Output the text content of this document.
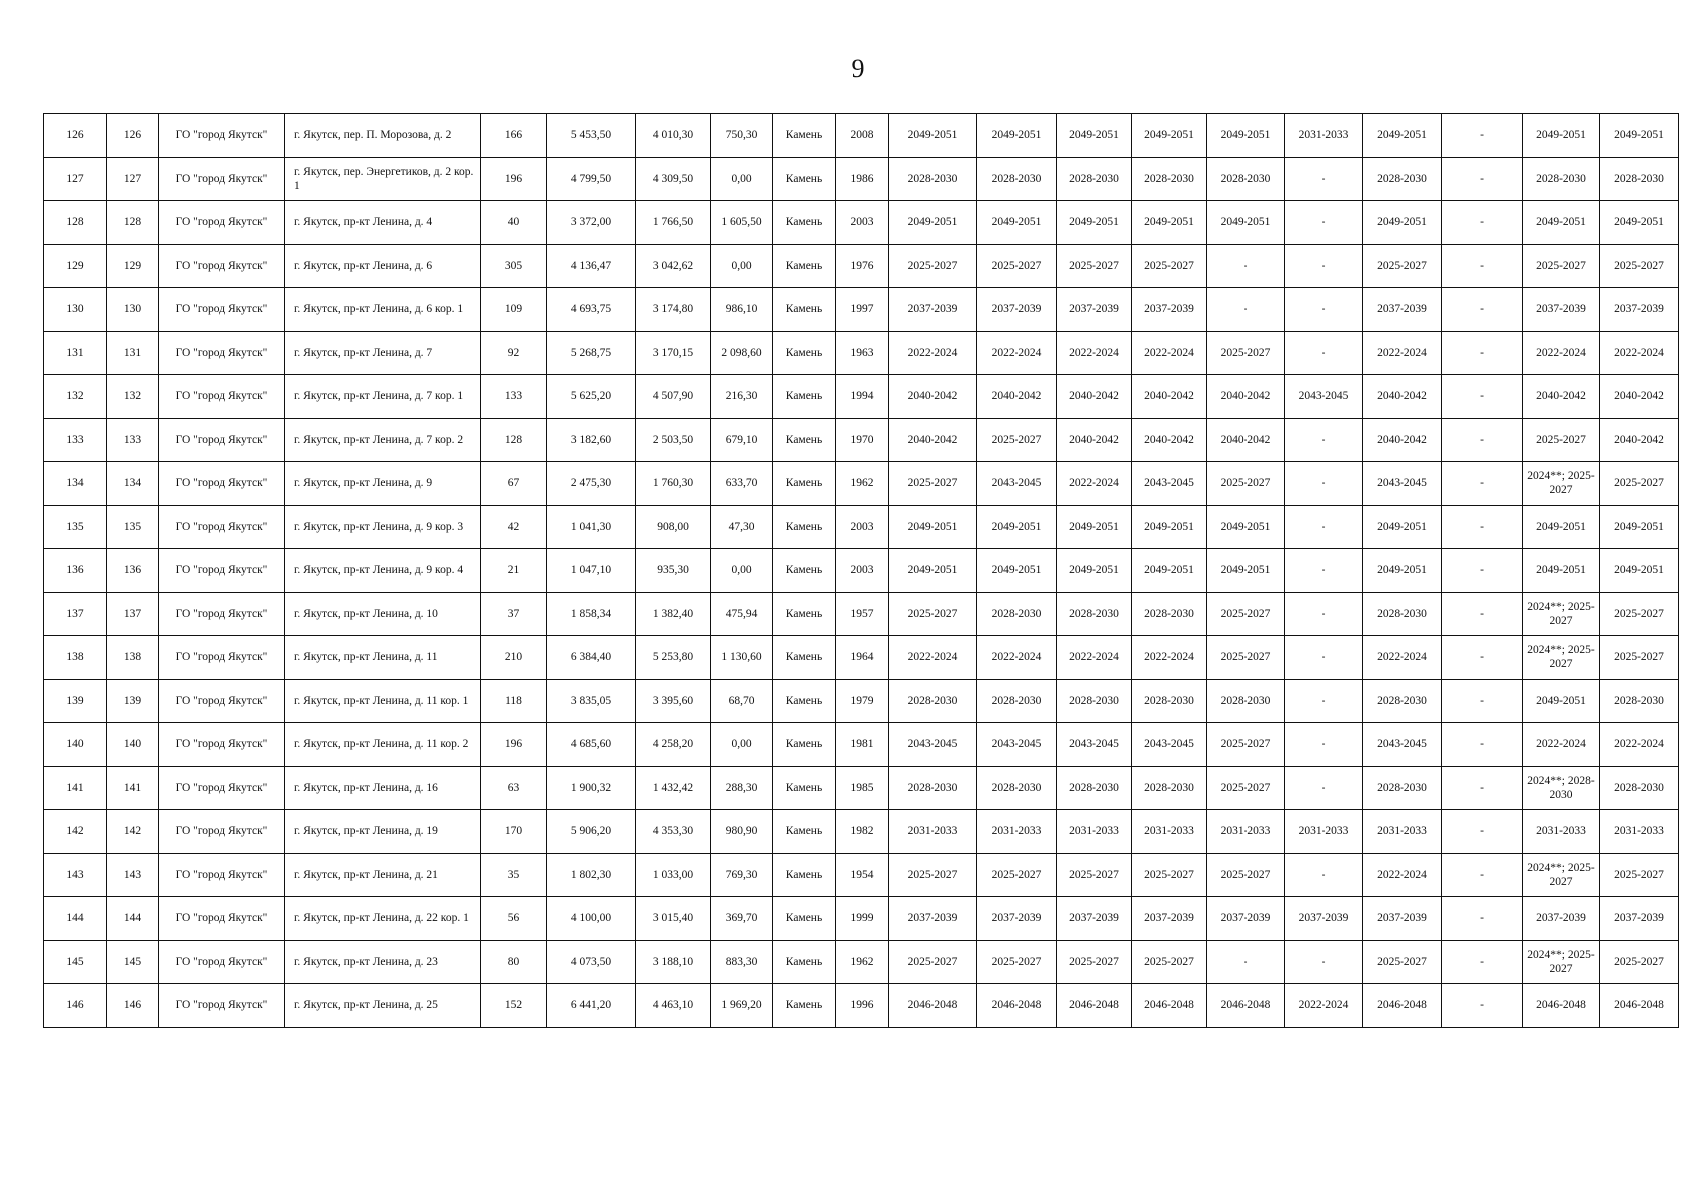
9
126	126	ГО "город Якутск"	г. Якутск, пер. П. Морозова, д. 2	166	5 453,50	4 010,30	750,30	Камень	2008	2049-2051	2049-2051	2049-2051	2049-2051	2049-2051	2031-2033	2049-2051	-	2049-2051	2049-2051
127	127	ГО "город Якутск"	г. Якутск, пер. Энергетиков, д. 2 кор. 1	196	4 799,50	4 309,50	0,00	Камень	1986	2028-2030	2028-2030	2028-2030	2028-2030	2028-2030	-	2028-2030	-	2028-2030	2028-2030
128	128	ГО "город Якутск"	г. Якутск, пр-кт Ленина, д. 4	40	3 372,00	1 766,50	1 605,50	Камень	2003	2049-2051	2049-2051	2049-2051	2049-2051	2049-2051	-	2049-2051	-	2049-2051	2049-2051
129	129	ГО "город Якутск"	г. Якутск, пр-кт Ленина, д. 6	305	4 136,47	3 042,62	0,00	Камень	1976	2025-2027	2025-2027	2025-2027	2025-2027	-	-	2025-2027	-	2025-2027	2025-2027
130	130	ГО "город Якутск"	г. Якутск, пр-кт Ленина, д. 6 кор. 1	109	4 693,75	3 174,80	986,10	Камень	1997	2037-2039	2037-2039	2037-2039	2037-2039	-	-	2037-2039	-	2037-2039	2037-2039
131	131	ГО "город Якутск"	г. Якутск, пр-кт Ленина, д. 7	92	5 268,75	3 170,15	2 098,60	Камень	1963	2022-2024	2022-2024	2022-2024	2022-2024	2025-2027	-	2022-2024	-	2022-2024	2022-2024
132	132	ГО "город Якутск"	г. Якутск, пр-кт Ленина, д. 7 кор. 1	133	5 625,20	4 507,90	216,30	Камень	1994	2040-2042	2040-2042	2040-2042	2040-2042	2040-2042	2043-2045	2040-2042	-	2040-2042	2040-2042
133	133	ГО "город Якутск"	г. Якутск, пр-кт Ленина, д. 7 кор. 2	128	3 182,60	2 503,50	679,10	Камень	1970	2040-2042	2025-2027	2040-2042	2040-2042	2040-2042	-	2040-2042	-	2025-2027	2040-2042
134	134	ГО "город Якутск"	г. Якутск, пр-кт Ленина, д. 9	67	2 475,30	1 760,30	633,70	Камень	1962	2025-2027	2043-2045	2022-2024	2043-2045	2025-2027	-	2043-2045	-	2024**; 2025-2027	2025-2027
135	135	ГО "город Якутск"	г. Якутск, пр-кт Ленина, д. 9 кор. 3	42	1 041,30	908,00	47,30	Камень	2003	2049-2051	2049-2051	2049-2051	2049-2051	2049-2051	-	2049-2051	-	2049-2051	2049-2051
136	136	ГО "город Якутск"	г. Якутск, пр-кт Ленина, д. 9 кор. 4	21	1 047,10	935,30	0,00	Камень	2003	2049-2051	2049-2051	2049-2051	2049-2051	2049-2051	-	2049-2051	-	2049-2051	2049-2051
137	137	ГО "город Якутск"	г. Якутск, пр-кт Ленина, д. 10	37	1 858,34	1 382,40	475,94	Камень	1957	2025-2027	2028-2030	2028-2030	2028-2030	2025-2027	-	2028-2030	-	2024**; 2025-2027	2025-2027
138	138	ГО "город Якутск"	г. Якутск, пр-кт Ленина, д. 11	210	6 384,40	5 253,80	1 130,60	Камень	1964	2022-2024	2022-2024	2022-2024	2022-2024	2025-2027	-	2022-2024	-	2024**; 2025-2027	2025-2027
139	139	ГО "город Якутск"	г. Якутск, пр-кт Ленина, д. 11 кор. 1	118	3 835,05	3 395,60	68,70	Камень	1979	2028-2030	2028-2030	2028-2030	2028-2030	2028-2030	-	2028-2030	-	2049-2051	2028-2030
140	140	ГО "город Якутск"	г. Якутск, пр-кт Ленина, д. 11 кор. 2	196	4 685,60	4 258,20	0,00	Камень	1981	2043-2045	2043-2045	2043-2045	2043-2045	2025-2027	-	2043-2045	-	2022-2024	2022-2024
141	141	ГО "город Якутск"	г. Якутск, пр-кт Ленина, д. 16	63	1 900,32	1 432,42	288,30	Камень	1985	2028-2030	2028-2030	2028-2030	2028-2030	2025-2027	-	2028-2030	-	2024**; 2028-2030	2028-2030
142	142	ГО "город Якутск"	г. Якутск, пр-кт Ленина, д. 19	170	5 906,20	4 353,30	980,90	Камень	1982	2031-2033	2031-2033	2031-2033	2031-2033	2031-2033	2031-2033	2031-2033	-	2031-2033	2031-2033
143	143	ГО "город Якутск"	г. Якутск, пр-кт Ленина, д. 21	35	1 802,30	1 033,00	769,30	Камень	1954	2025-2027	2025-2027	2025-2027	2025-2027	2025-2027	-	2022-2024	-	2024**; 2025-2027	2025-2027
144	144	ГО "город Якутск"	г. Якутск, пр-кт Ленина, д. 22 кор. 1	56	4 100,00	3 015,40	369,70	Камень	1999	2037-2039	2037-2039	2037-2039	2037-2039	2037-2039	2037-2039	2037-2039	-	2037-2039	2037-2039
145	145	ГО "город Якутск"	г. Якутск, пр-кт Ленина, д. 23	80	4 073,50	3 188,10	883,30	Камень	1962	2025-2027	2025-2027	2025-2027	2025-2027	-	-	2025-2027	-	2024**; 2025-2027	2025-2027
146	146	ГО "город Якутск"	г. Якутск, пр-кт Ленина, д. 25	152	6 441,20	4 463,10	1 969,20	Камень	1996	2046-2048	2046-2048	2046-2048	2046-2048	2046-2048	2022-2024	2046-2048	-	2046-2048	2046-2048
